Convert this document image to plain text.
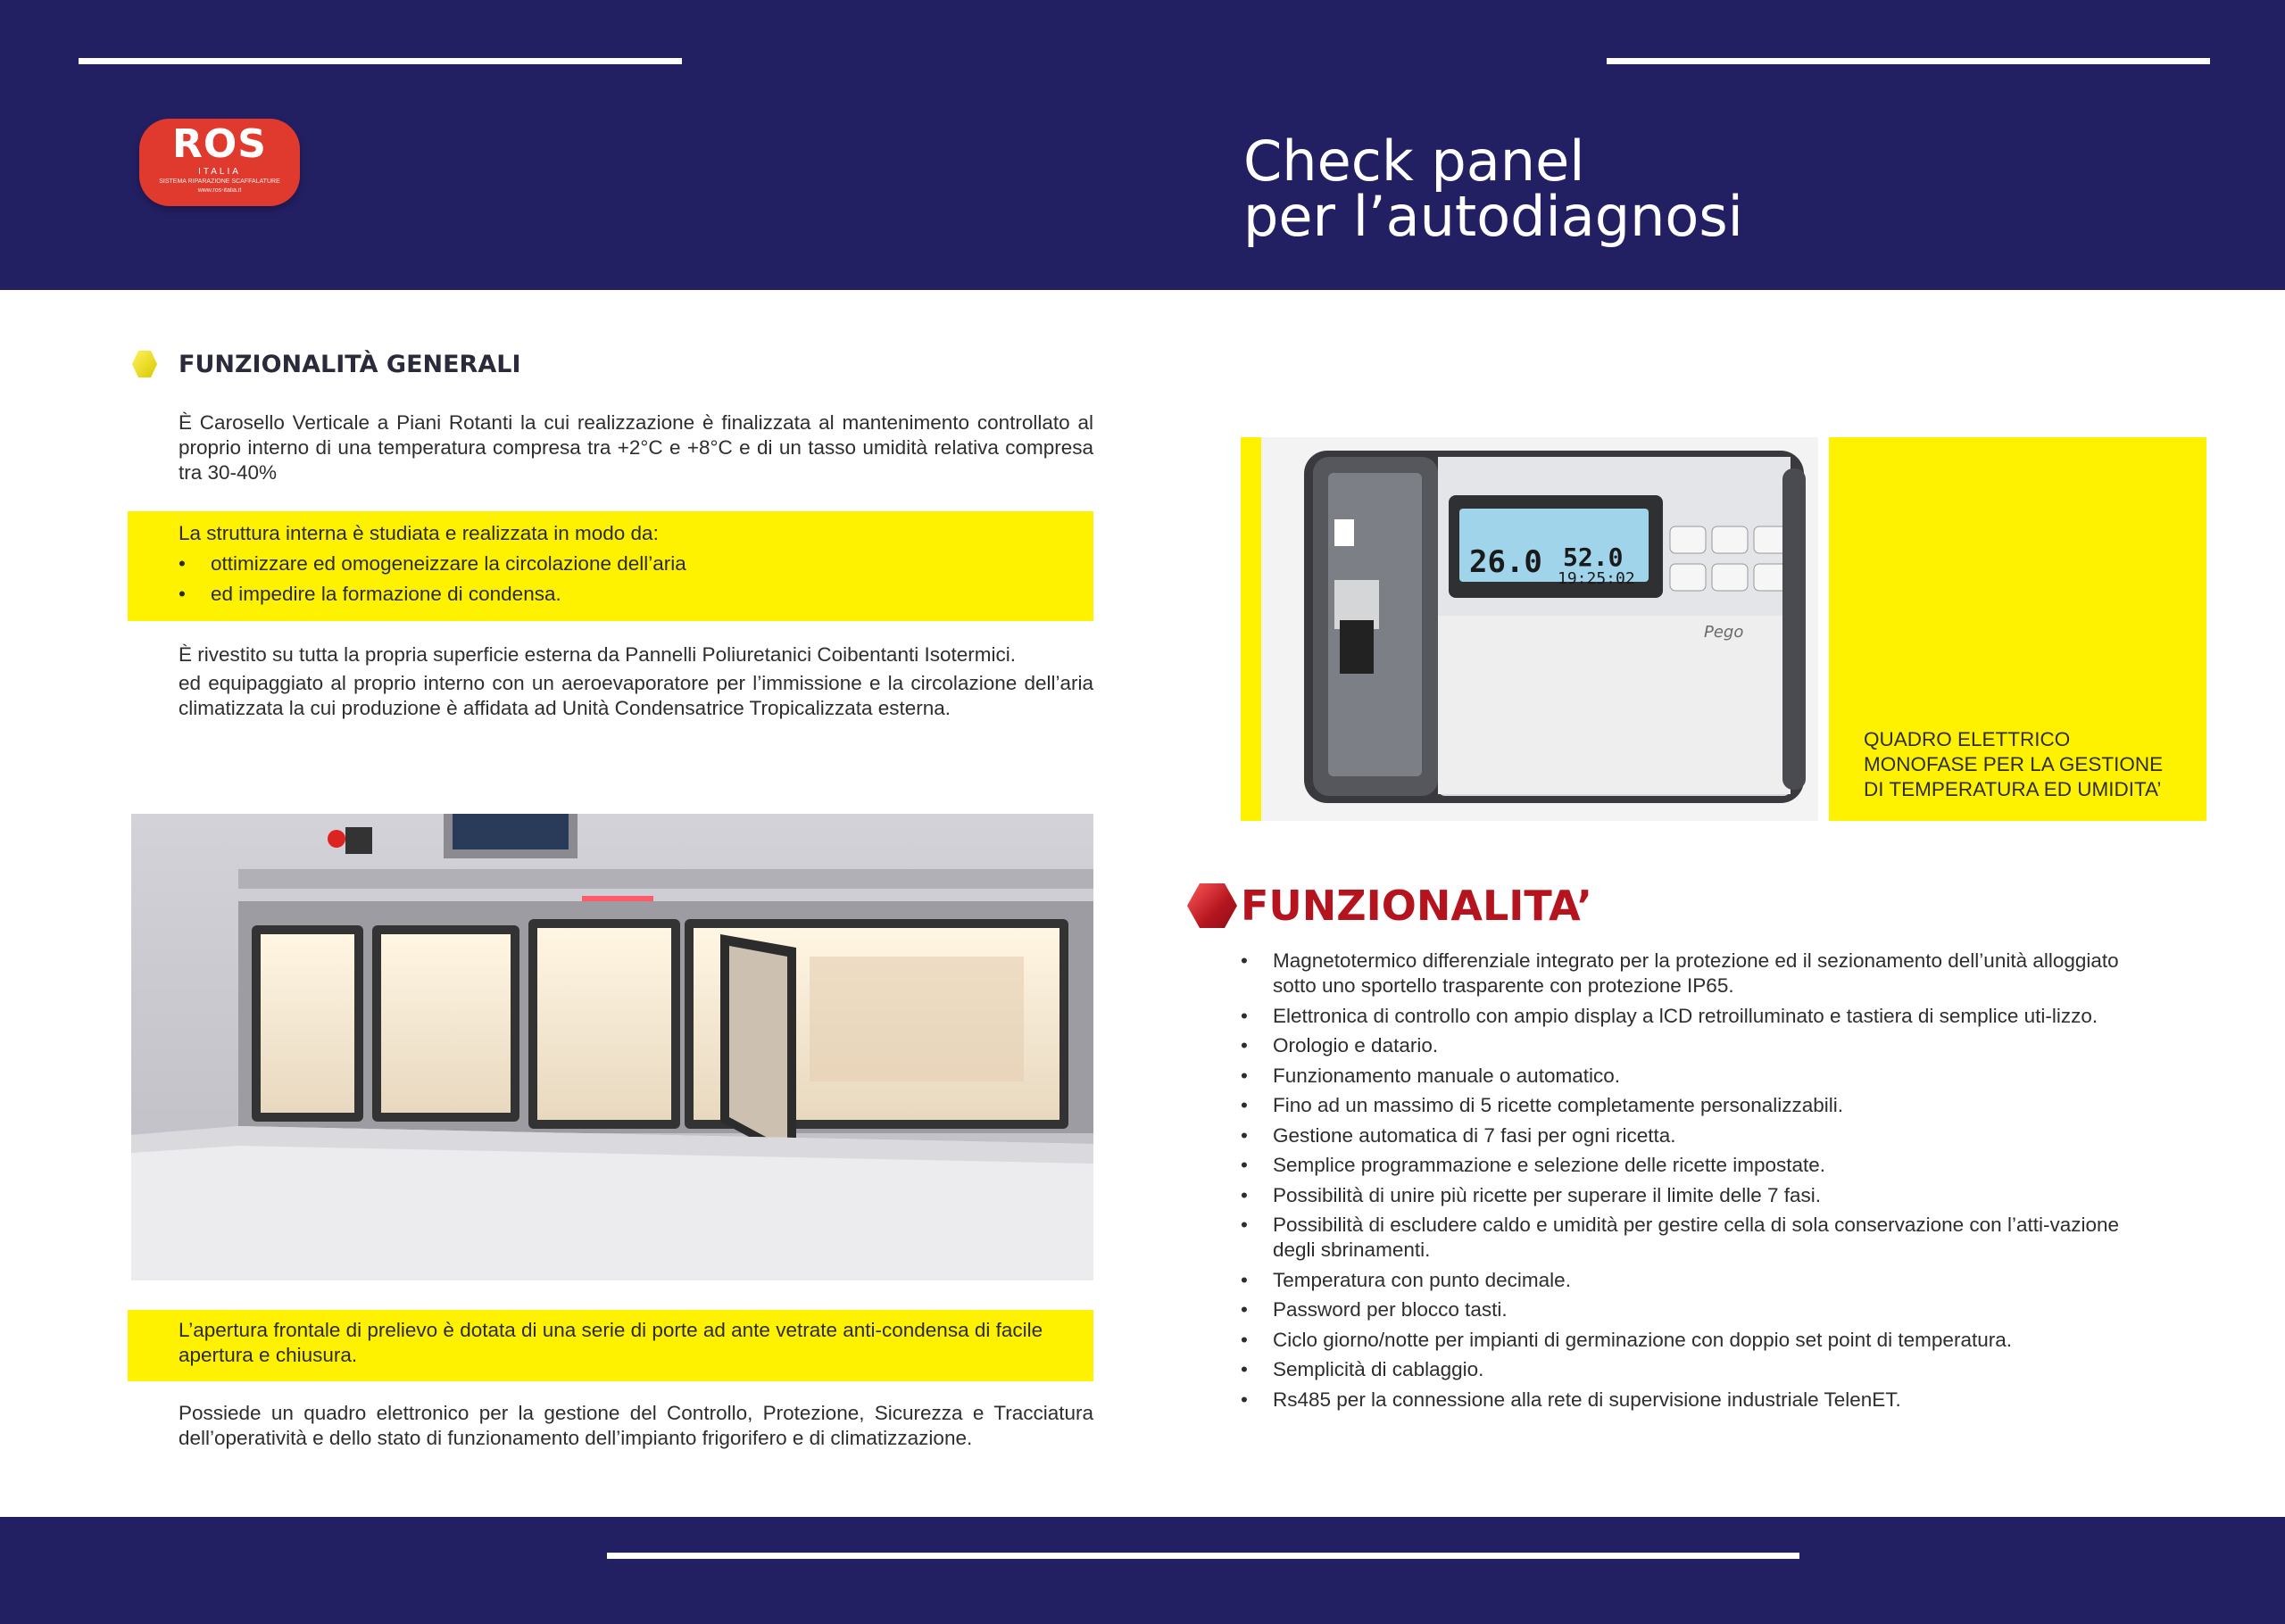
ROS
ITALIA
SISTEMA RIPARAZIONE SCAFFALATURE
www.ros-italia.it	Check panel
per l’autodiagnosi
FUNZIONALITÀ GENERALI
È Carosello Verticale a Piani Rotanti la cui realizzazione è finalizzata al mantenimento controllato al proprio interno di una temperatura compresa tra +2°C e +8°C e di un tasso umidità relativa compresa tra 30-40%
La struttura interna è studiata e realizzata in modo da:
• ottimizzare ed omogeneizzare la circolazione dell’aria
• ed impedire la formazione di condensa.
È rivestito su tutta la propria superficie esterna da Pannelli Poliuretanici Coibentanti Isotermici.
ed equipaggiato al proprio interno con un aeroevaporatore per l’immissione e la circolazione dell’aria climatizzata la cui produzione è affidata ad Unità Condensatrice Tropicalizzata esterna.
L’apertura frontale di prelievo è dotata di una serie di porte ad ante vetrate anti-condensa di facile apertura e chiusura.
Possiede un quadro elettronico per la gestione del Controllo, Protezione, Sicurezza e Tracciatura dell’operatività e dello stato di funzionamento dell’impianto frigorifero e di climatizzazione.
26.0 52.0
19:25:02
Pego
QUADRO ELETTRICO
MONOFASE PER LA GESTIONE
DI TEMPERATURA ED UMIDITA’
FUNZIONALITA’
• Magnetotermico differenziale integrato per la protezione ed il sezionamento dell’unità alloggiato sotto uno sportello trasparente con protezione IP65.
• Elettronica di controllo con ampio display a lCD retroilluminato e tastiera di semplice uti-lizzo.
• Orologio e datario.
• Funzionamento manuale o automatico.
• Fino ad un massimo di 5 ricette completamente personalizzabili.
• Gestione automatica di 7 fasi per ogni ricetta.
• Semplice programmazione e selezione delle ricette impostate.
• Possibilità di unire più ricette per superare il limite delle 7 fasi.
• Possibilità di escludere caldo e umidità per gestire cella di sola conservazione con l’atti-vazione degli sbrinamenti.
• Temperatura con punto decimale.
• Password per blocco tasti.
• Ciclo giorno/notte per impianti di germinazione con doppio set point di temperatura.
• Semplicità di cablaggio.
• Rs485 per la connessione alla rete di supervisione industriale TelenET.
